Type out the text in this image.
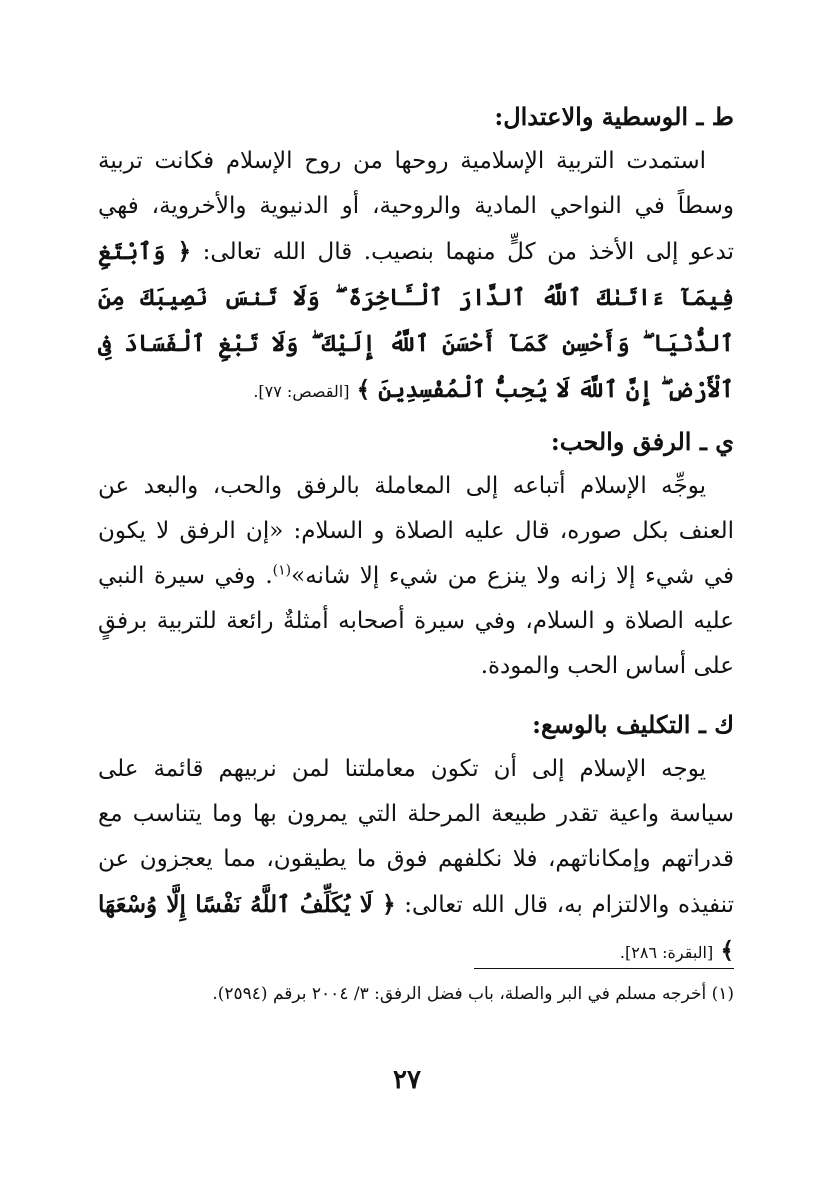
ط ـ الوسطية والاعتدال:

استمدت التربية الإسلامية روحها من روح الإسلام فكانت تربية وسطاً في النواحي المادية والروحية، أو الدنيوية والأخروية، فهي تدعو إلى الأخذ من كلٍّ منهما بنصيب. قال الله تعالى: ﴿ وَٱبْتَغِ فِيمَآ ءَاتَىٰكَ ٱللَّهُ ٱلدَّارَ ٱلْـَٔاخِرَةَ ۖ وَلَا تَنسَ نَصِيبَكَ مِنَ ٱلدُّنْيَا ۖ وَأَحْسِن كَمَآ أَحْسَنَ ٱللَّهُ إِلَيْكَ ۖ وَلَا تَبْغِ ٱلْفَسَادَ فِى ٱلْأَرْضِ ۖ إِنَّ ٱللَّهَ لَا يُحِبُّ ٱلْمُفْسِدِينَ ﴾ [القصص: ٧٧].

ي ـ الرفق والحب:

يوجِّه الإسلام أتباعه إلى المعاملة بالرفق والحب، والبعد عن العنف بكل صوره، قال عليه الصلاة و السلام: «إن الرفق لا يكون في شيء إلا زانه ولا ينزع من شيء إلا شانه»$^{(١)}$. وفي سيرة النبي عليه الصلاة و السلام، وفي سيرة أصحابه أمثلةٌ رائعة للتربية برفقٍ على أساس الحب والمودة.

ك ـ التكليف بالوسع:

يوجه الإسلام إلى أن تكون معاملتنا لمن نربيهم قائمة على سياسة واعية تقدر طبيعة المرحلة التي يمرون بها وما يتناسب مع قدراتهم وإمكاناتهم، فلا نكلفهم فوق ما يطيقون، مما يعجزون عن تنفيذه والالتزام به، قال الله تعالى: ﴿ لَا يُكَلِّفُ ٱللَّهُ نَفْسًا إِلَّا وُسْعَهَا ﴾ [البقرة: ٢٨٦].

(١) أخرجه مسلم في البر والصلة، باب فضل الرفق: ٣/ ٢٠٠٤ برقم (٢٥٩٤).
٢٧
